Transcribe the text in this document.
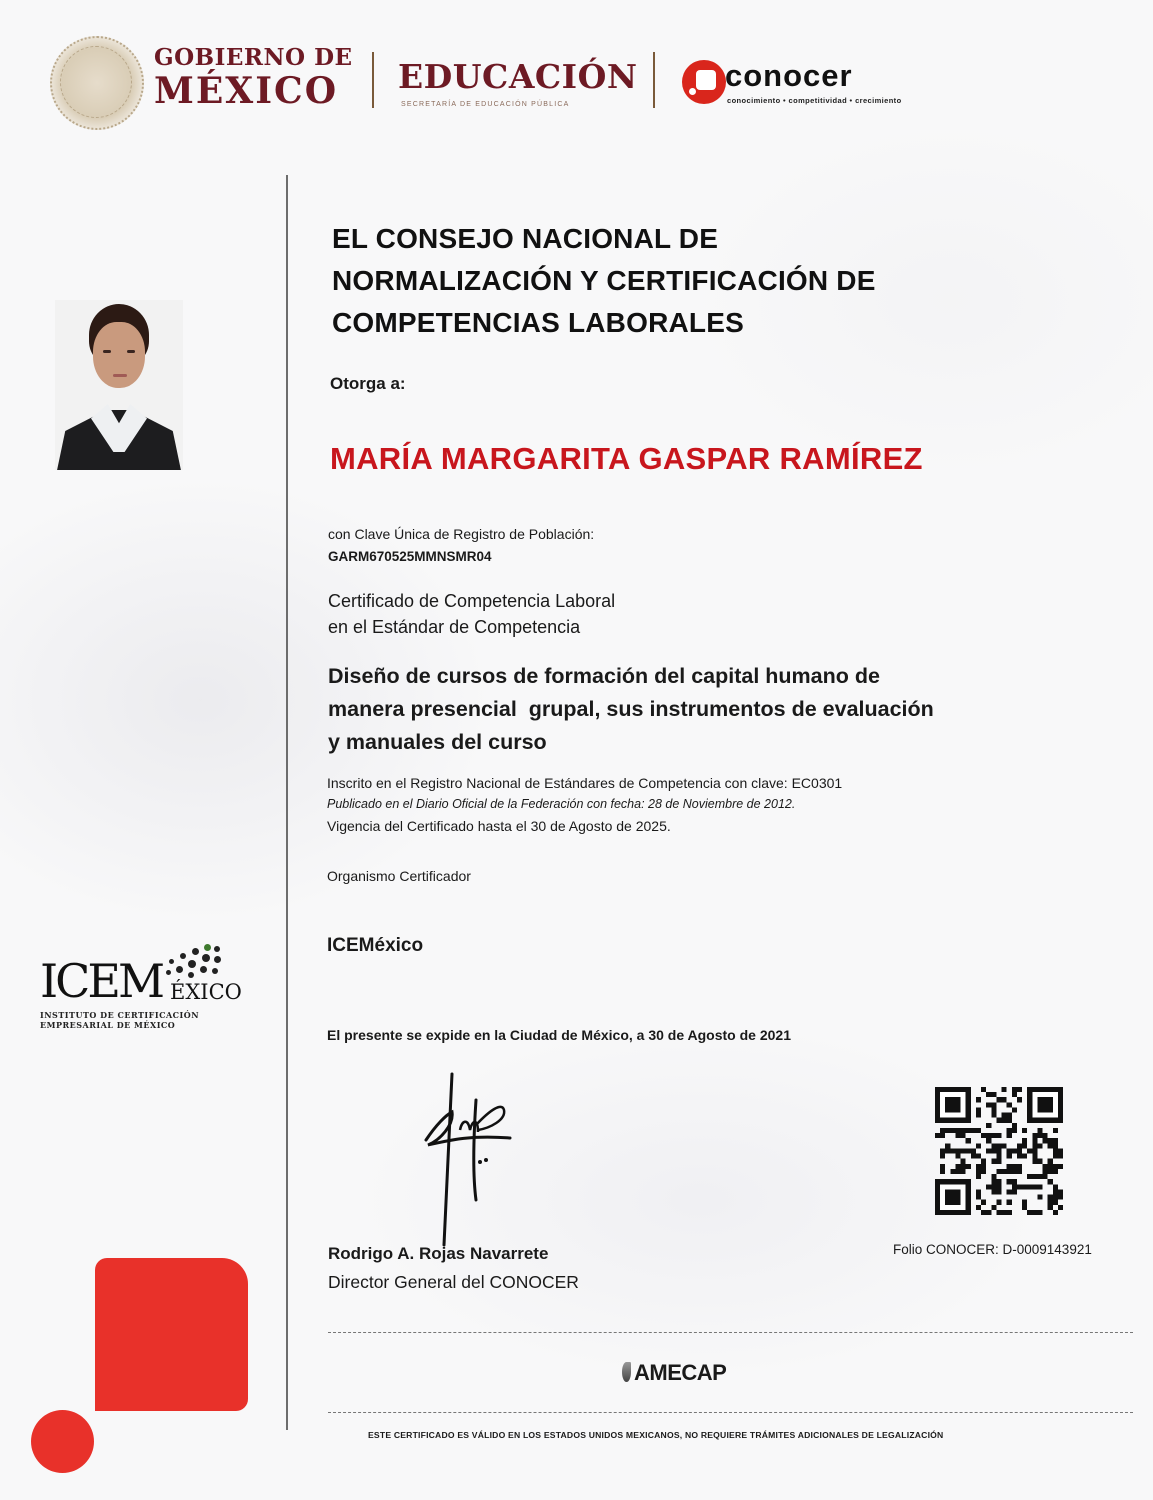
GOBIERNO DE
MÉXICO	EDUCACIÓN
SECRETARÍA DE EDUCACIÓN PÚBLICA
conocer
conocimiento • competitividad • crecimiento
EL CONSEJO NACIONAL DE
NORMALIZACIÓN Y CERTIFICACIÓN DE
COMPETENCIAS LABORALES
Otorga a:
MARÍA MARGARITA GASPAR RAMÍREZ
con Clave Única de Registro de Población:
GARM670525MMNSMR04
Certificado de Competencia Laboral
en el Estándar de Competencia
Diseño de cursos de formación del capital humano de
manera presencial  grupal, sus instrumentos de evaluación
y manuales del curso
Inscrito en el Registro Nacional de Estándares de Competencia con clave: EC0301
Publicado en el Diario Oficial de la Federación con fecha: 28 de Noviembre de 2012.
Vigencia del Certificado hasta el 30 de Agosto de 2025.
Organismo Certificador
ICEMéxico
El presente se expide en la Ciudad de México, a 30 de Agosto de 2021
ICEM ÉXICO
INSTITUTO DE CERTIFICACIÓN
EMPRESARIAL DE MÉXICO
Rodrigo A. Rojas Navarrete
Director General del CONOCER
Folio CONOCER: D-0009143921
AMECAP
ESTE CERTIFICADO ES VÁLIDO EN LOS ESTADOS UNIDOS MEXICANOS, NO REQUIERE TRÁMITES ADICIONALES DE LEGALIZACIÓN
